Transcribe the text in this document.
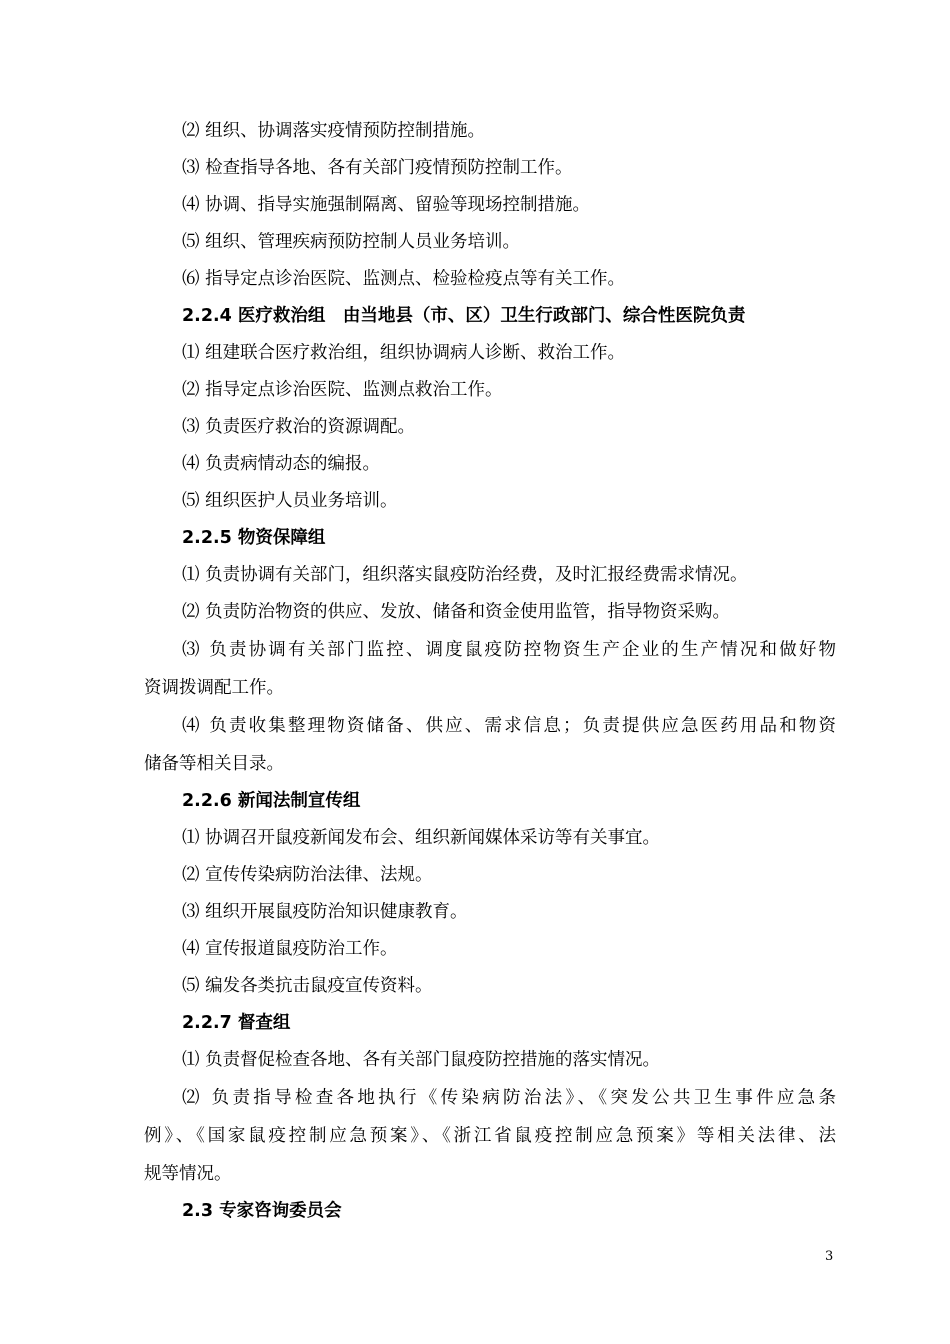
⑵ 组织、协调落实疫情预防控制措施。
⑶ 检查指导各地、各有关部门疫情预防控制工作。
⑷ 协调、指导实施强制隔离、留验等现场控制措施。
⑸ 组织、管理疾病预防控制人员业务培训。
⑹ 指导定点诊治医院、监测点、检验检疫点等有关工作。
2.2.4 医疗救治组　由当地县（市、区）卫生行政部门、综合性医院负责
⑴ 组建联合医疗救治组，组织协调病人诊断、救治工作。
⑵ 指导定点诊治医院、监测点救治工作。
⑶ 负责医疗救治的资源调配。
⑷ 负责病情动态的编报。
⑸ 组织医护人员业务培训。
2.2.5 物资保障组
⑴ 负责协调有关部门，组织落实鼠疫防治经费，及时汇报经费需求情况。
⑵ 负责防治物资的供应、发放、储备和资金使用监管，指导物资采购。
⑶ 负责协调有关部门监控、调度鼠疫防控物资生产企业的生产情况和做好物
资调拨调配工作。
⑷ 负责收集整理物资储备、供应、需求信息；负责提供应急医药用品和物资
储备等相关目录。
2.2.6 新闻法制宣传组
⑴ 协调召开鼠疫新闻发布会、组织新闻媒体采访等有关事宜。
⑵ 宣传传染病防治法律、法规。
⑶ 组织开展鼠疫防治知识健康教育。
⑷ 宣传报道鼠疫防治工作。
⑸ 编发各类抗击鼠疫宣传资料。
2.2.7 督查组
⑴ 负责督促检查各地、各有关部门鼠疫防控措施的落实情况。
⑵ 负责指导检查各地执行《传染病防治法》、《突发公共卫生事件应急条
例》、《国家鼠疫控制应急预案》、《浙江省鼠疫控制应急预案》等相关法律、法
规等情况。
2.3 专家咨询委员会
3
